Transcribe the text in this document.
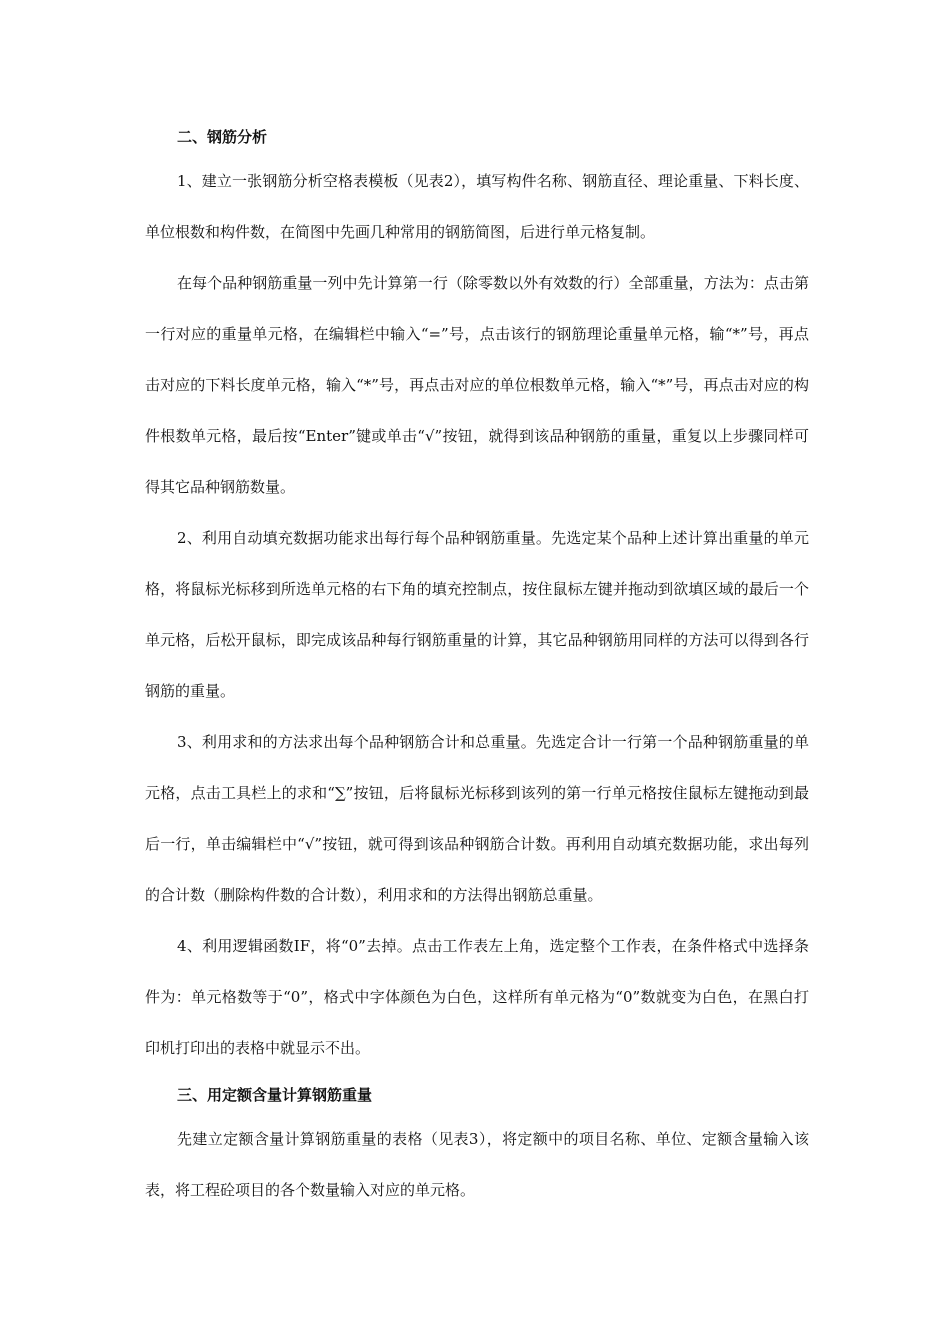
二、钢筋分析

1、建立一张钢筋分析空格表模板（见表2），填写构件名称、钢筋直径、理论重量、下料长度、单位根数和构件数，在简图中先画几种常用的钢筋简图，后进行单元格复制。

在每个品种钢筋重量一列中先计算第一行（除零数以外有效数的行）全部重量，方法为：点击第一行对应的重量单元格，在编辑栏中输入“=”号，点击该行的钢筋理论重量单元格，输“*”号，再点击对应的下料长度单元格，输入“*”号，再点击对应的单位根数单元格，输入“*”号，再点击对应的构件根数单元格，最后按“Enter”键或单击“√”按钮，就得到该品种钢筋的重量，重复以上步骤同样可得其它品种钢筋数量。

2、利用自动填充数据功能求出每行每个品种钢筋重量。先选定某个品种上述计算出重量的单元格，将鼠标光标移到所选单元格的右下角的填充控制点，按住鼠标左键并拖动到欲填区域的最后一个单元格，后松开鼠标，即完成该品种每行钢筋重量的计算，其它品种钢筋用同样的方法可以得到各行钢筋的重量。

3、利用求和的方法求出每个品种钢筋合计和总重量。先选定合计一行第一个品种钢筋重量的单元格，点击工具栏上的求和“∑”按钮，后将鼠标光标移到该列的第一行单元格按住鼠标左键拖动到最后一行，单击编辑栏中“√”按钮，就可得到该品种钢筋合计数。再利用自动填充数据功能，求出每列的合计数（删除构件数的合计数），利用求和的方法得出钢筋总重量。

4、利用逻辑函数IF，将“0”去掉。点击工作表左上角，选定整个工作表，在条件格式中选择条件为：单元格数等于“0”，格式中字体颜色为白色，这样所有单元格为“0”数就变为白色，在黑白打印机打印出的表格中就显示不出。

三、用定额含量计算钢筋重量

先建立定额含量计算钢筋重量的表格（见表3），将定额中的项目名称、单位、定额含量输入该表，将工程砼项目的各个数量输入对应的单元格。
